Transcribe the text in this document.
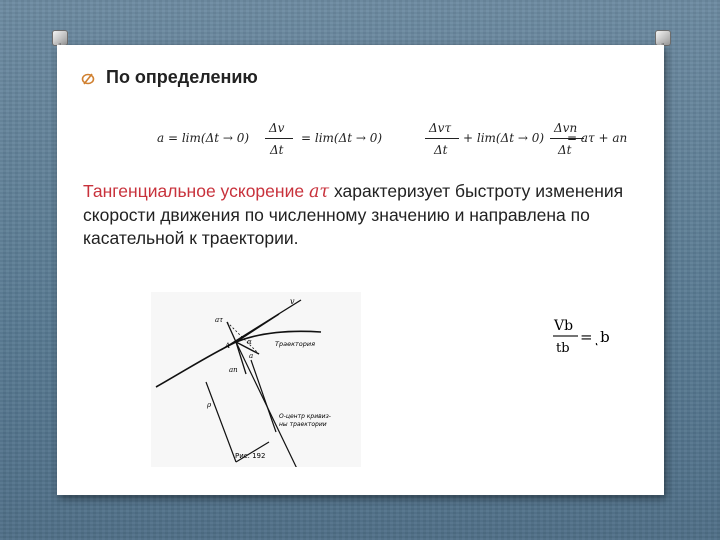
По определению
a = lim(Δt → 0)
Δv
Δt
= lim(Δt → 0)
Δvτ
Δt
+ lim(Δt → 0)
Δvn
Δt
= aτ + an

Тангенциальное ускорение aτ характеризует быстроту изменения скорости движения по численному значению и направлена по касательной к траектории.

v
aτ
A α
a
an
ρ
Траектория
O-центр кривиз-
ны траектории
Рис. 192
Vb
tb
=ͺb
